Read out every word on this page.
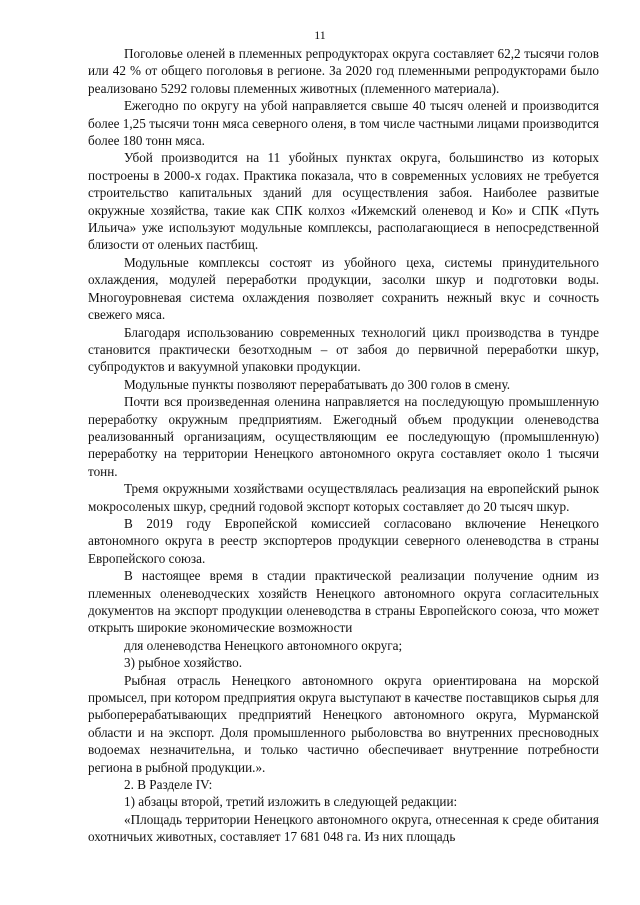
11

Поголовье оленей в племенных репродукторах округа составляет 62,2 тысячи голов или 42 % от общего поголовья в регионе. За 2020 год племенными репродукторами было реализовано 5292 головы племенных животных (племенного материала).

Ежегодно по округу на убой направляется свыше 40 тысяч оленей и производится более 1,25 тысячи тонн мяса северного оленя, в том числе частными лицами производится более 180 тонн мяса.

Убой производится на 11 убойных пунктах округа, большинство из которых построены в 2000-х годах. Практика показала, что в современных условиях не требуется строительство капитальных зданий для осуществления забоя. Наиболее развитые окружные хозяйства, такие как СПК колхоз «Ижемский оленевод и Ко» и СПК «Путь Ильича» уже используют модульные комплексы, располагающиеся в непосредственной близости от оленьих пастбищ.

Модульные комплексы состоят из убойного цеха, системы принудительного охлаждения, модулей переработки продукции, засолки шкур и подготовки воды. Многоуровневая система охлаждения позволяет сохранить нежный вкус и сочность свежего мяса.

Благодаря использованию современных технологий цикл производства в тундре становится практически безотходным – от забоя до первичной переработки шкур, субпродуктов и вакуумной упаковки продукции.

Модульные пункты позволяют перерабатывать до 300 голов в смену.

Почти вся произведенная оленина направляется на последующую промышленную переработку окружным предприятиям. Ежегодный объем продукции оленеводства реализованный организациям, осуществляющим ее последующую (промышленную) переработку на территории Ненецкого автономного округа составляет около 1 тысячи тонн.

Тремя окружными хозяйствами осуществлялась реализация на европейский рынок мокросоленых шкур, средний годовой экспорт которых составляет до 20 тысяч шкур.

В 2019 году Европейской комиссией согласовано включение Ненецкого автономного округа в реестр экспортеров продукции северного оленеводства в страны Европейского союза.

В настоящее время в стадии практической реализации получение одним из племенных оленеводческих хозяйств Ненецкого автономного округа согласительных документов на экспорт продукции оленеводства в страны Европейского союза, что может открыть широкие экономические возможности

для оленеводства Ненецкого автономного округа;

3) рыбное хозяйство.

Рыбная отрасль Ненецкого автономного округа ориентирована на морской промысел, при котором предприятия округа выступают в качестве поставщиков сырья для рыбоперерабатывающих предприятий Ненецкого автономного округа, Мурманской области и на экспорт. Доля промышленного рыболовства во внутренних пресноводных водоемах незначительна, и только частично обеспечивает внутренние потребности региона в рыбной продукции.».

2. В Разделе IV:

1) абзацы второй, третий изложить в следующей редакции:

«Площадь территории Ненецкого автономного округа, отнесенная к среде обитания охотничьих животных, составляет 17 681 048 га. Из них площадь
